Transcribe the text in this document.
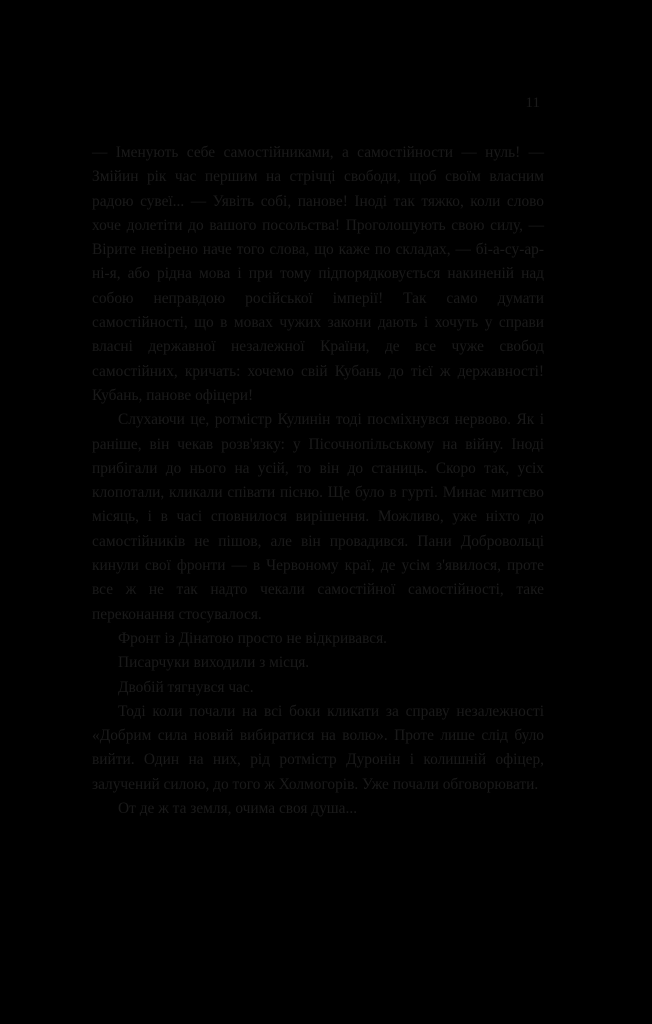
11

— Іменують себе самостійниками, а самостійности — нуль! — Змійин рік час першим на стрічці свободи, щоб своїм власним радою сувеї... — Уявіть собі, панове! Іноді так тяжко, коли слово хоче долетіти до вашого посольства! Проголошують свою силу, — Вірите невірено наче того слова, що каже по складах, — бі-а-су-ар-ні-я, або рідна мова і при тому підпорядковується накиненій над собою неправдою російської імперії! Так само думати самостійності, що в мовах чужих закони дають і хочуть у справи власні державної незалежної Країни, де все чуже свобод самостійних, кричать: хочемо свій Кубань до тієї ж державності! Кубань, панове офіцери!

Слухаючи це, ротмістр Кулинін тоді посміхнувся нервово. Як і раніше, він чекав розв'язку: у Пісочнопільському на війну. Іноді прибігали до нього на усій, то він до станиць. Скоро так, усіх клопотали, кликали співати пісню. Ще було в гурті. Минає миттєво місяць, і в часі сповнилося вирішення. Можливо, уже ніхто до самостійників не пішов, але він провадився. Пани Добровольці кинули свої фронти — в Червоному краї, де усім з'явилося, проте все ж не так надто чекали самостійної самостійності, таке переконання стосувалося.

Фронт із Дінатою просто не відкривався.

Писарчуки виходили з місця.

Двобій тягнувся час.

Тоді коли почали на всі боки кликати за справу незалежності «Добрим сила новий вибиратися на волю». Проте лише слід було вийти. Один на них, рід ротмістр Дуронін і колишній офіцер, залучений силою, до того ж Холмогорів. Уже почали обговорювати.

От де ж та земля, очима своя душа...
